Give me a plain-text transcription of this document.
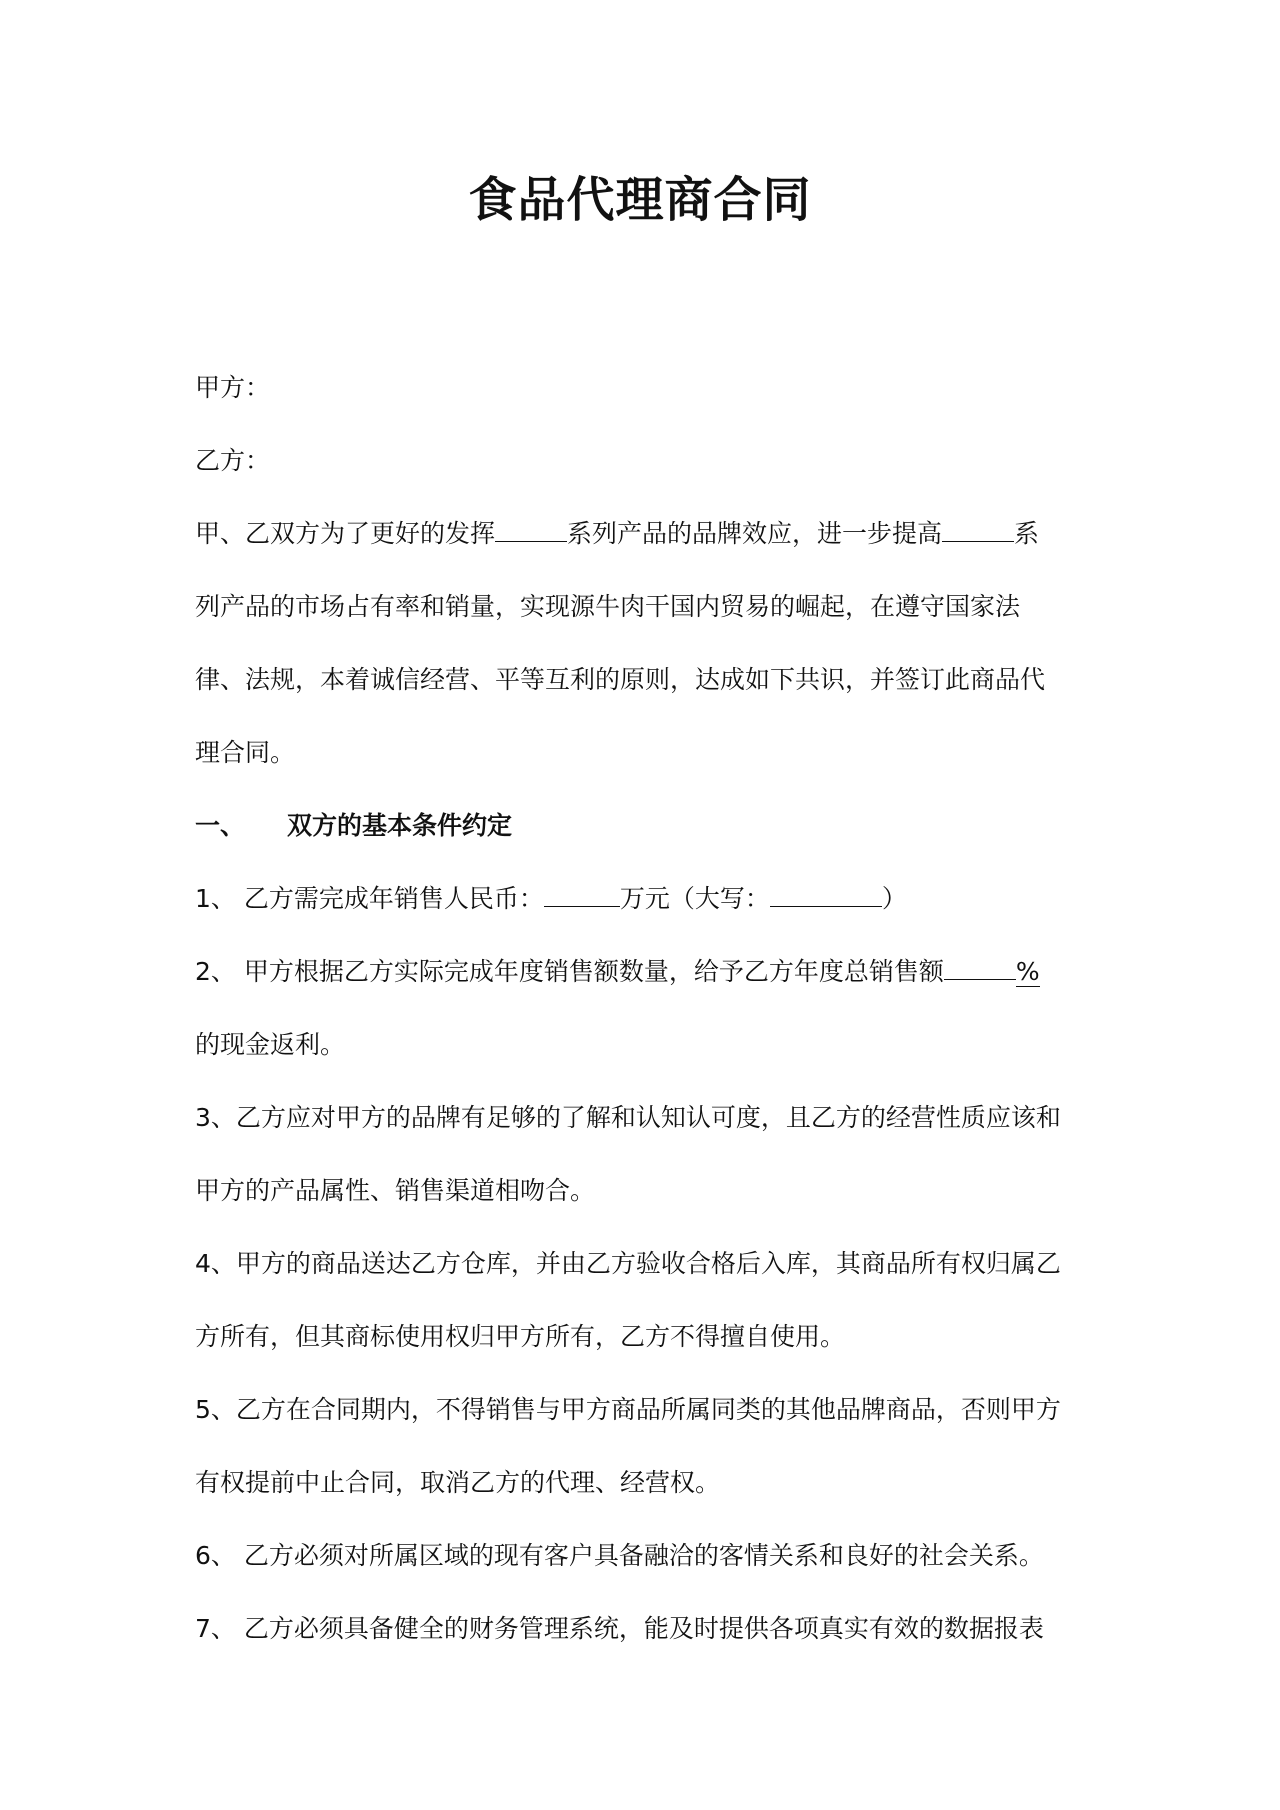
食品代理商合同
甲方：
乙方：
甲、乙双方为了更好的发挥	系列产品的品牌效应，进一步提高	系
列产品的市场占有率和销量，实现源牛肉干国内贸易的崛起，在遵守国家法
律、法规，本着诚信经营、平等互利的原则，达成如下共识，并签订此商品代
理合同。
一、 双方的基本条件约定
1、 乙方需完成年销售人民币：	万元（大写：	）
2、 甲方根据乙方实际完成年度销售额数量，给予乙方年度总销售额	%
的现金返利。
3、乙方应对甲方的品牌有足够的了解和认知认可度，且乙方的经营性质应该和
甲方的产品属性、销售渠道相吻合。
4、甲方的商品送达乙方仓库，并由乙方验收合格后入库，其商品所有权归属乙
方所有，但其商标使用权归甲方所有，乙方不得擅自使用。
5、乙方在合同期内，不得销售与甲方商品所属同类的其他品牌商品，否则甲方
有权提前中止合同，取消乙方的代理、经营权。
6、 乙方必须对所属区域的现有客户具备融洽的客情关系和良好的社会关系。
7、 乙方必须具备健全的财务管理系统，能及时提供各项真实有效的数据报表
